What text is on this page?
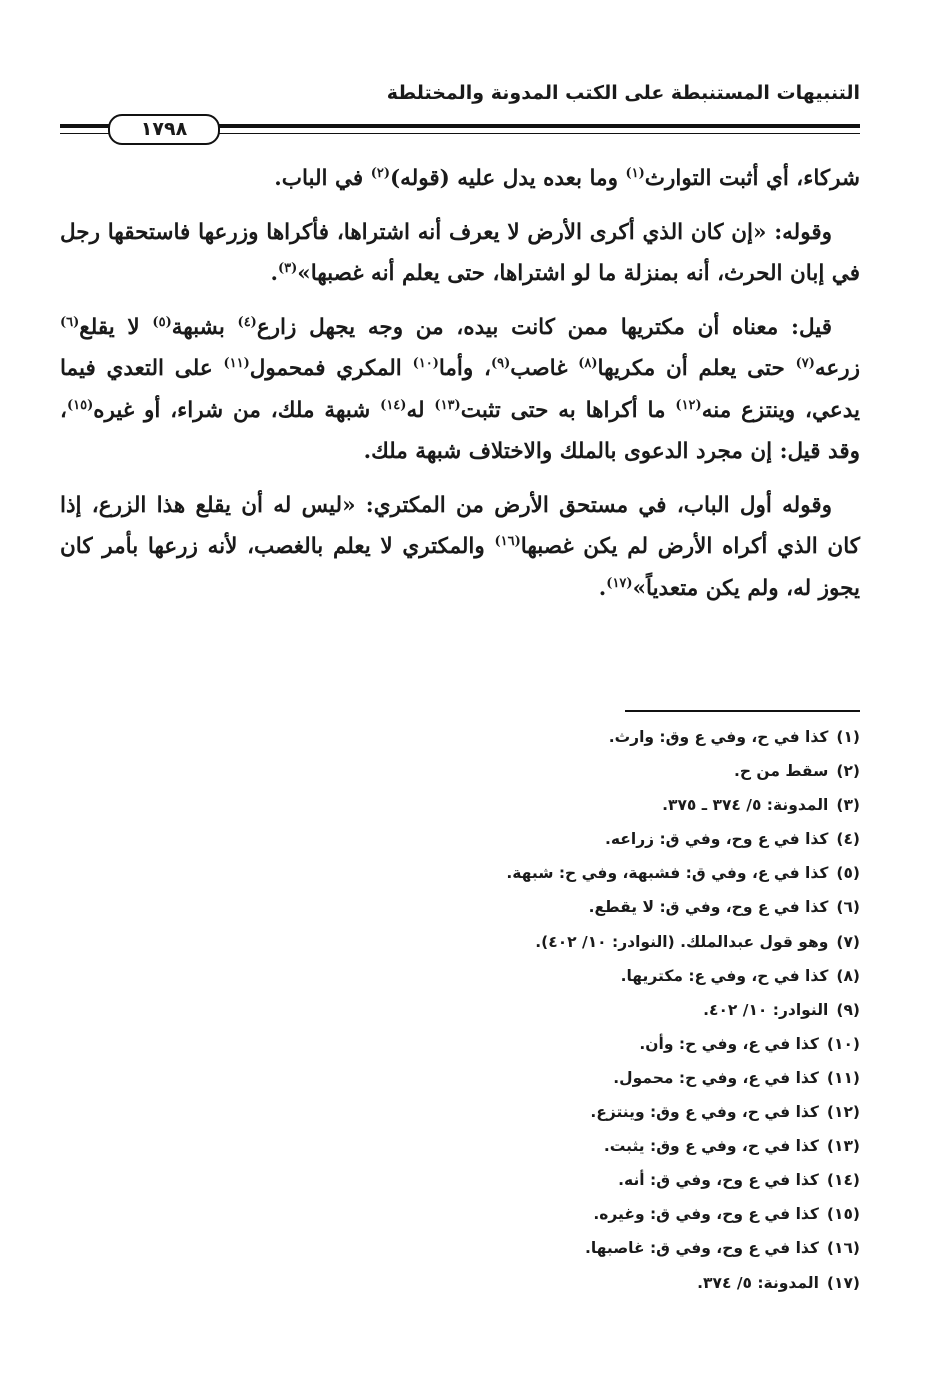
التنبيهات المستنبطة على الكتب المدونة والمختلطة
١٧٩٨

شركاء، أي أثبت التوارث$^{(١)}$ وما بعده يدل عليه (قوله)$^{(٢)}$ في الباب.

وقوله: «إن كان الذي أكرى الأرض لا يعرف أنه اشتراها، فأكراها وزرعها فاستحقها رجل في إبان الحرث، أنه بمنزلة ما لو اشتراها، حتى يعلم أنه غصبها»$^{(٣)}$.

قيل: معناه أن مكتريها ممن كانت بيده، من وجه يجهل زارع$^{(٤)}$ بشبهة$^{(٥)}$ لا يقلع$^{(٦)}$ زرعه$^{(٧)}$ حتى يعلم أن مكريها$^{(٨)}$ غاصب$^{(٩)}$، وأما$^{(١٠)}$ المكري فمحمول$^{(١١)}$ على التعدي فيما يدعي، وينتزع منه$^{(١٢)}$ ما أكراها به حتى تثبت$^{(١٣)}$ له$^{(١٤)}$ شبهة ملك، من شراء، أو غيره$^{(١٥)}$، وقد قيل: إن مجرد الدعوى بالملك والاختلاف شبهة ملك.

وقوله أول الباب، في مستحق الأرض من المكتري: «ليس له أن يقلع هذا الزرع، إذا كان الذي أكراه الأرض لم يكن غصبها$^{(١٦)}$ والمكتري لا يعلم بالغصب، لأنه زرعها بأمر كان يجوز له، ولم يكن متعدياً»$^{(١٧)}$.

(١)كذا في ح، وفي ع وق: وارث.
(٢)سقط من ح.
(٣)المدونة: ٥/ ٣٧٤ ـ ٣٧٥.
(٤)كذا في ع وح، وفي ق: زراعه.
(٥)كذا في ع، وفي ق: فشبهة، وفي ح: شبهة.
(٦)كذا في ع وح، وفي ق: لا يقطع.
(٧)وهو قول عبدالملك. (النوادر: ١٠/ ٤٠٢).
(٨)كذا في ح، وفي ع: مكتريها.
(٩)النوادر: ١٠/ ٤٠٢.
(١٠)كذا في ع، وفي ح: وأن.
(١١)كذا في ع، وفي ح: محمول.
(١٢)كذا في ح، وفي ع وق: وينتزع.
(١٣)كذا في ح، وفي ع وق: يثبت.
(١٤)كذا في ع وح، وفي ق: أنه.
(١٥)كذا في ع وح، وفي ق: وغيره.
(١٦)كذا في ع وح، وفي ق: غاصبها.
(١٧)المدونة: ٥/ ٣٧٤.
